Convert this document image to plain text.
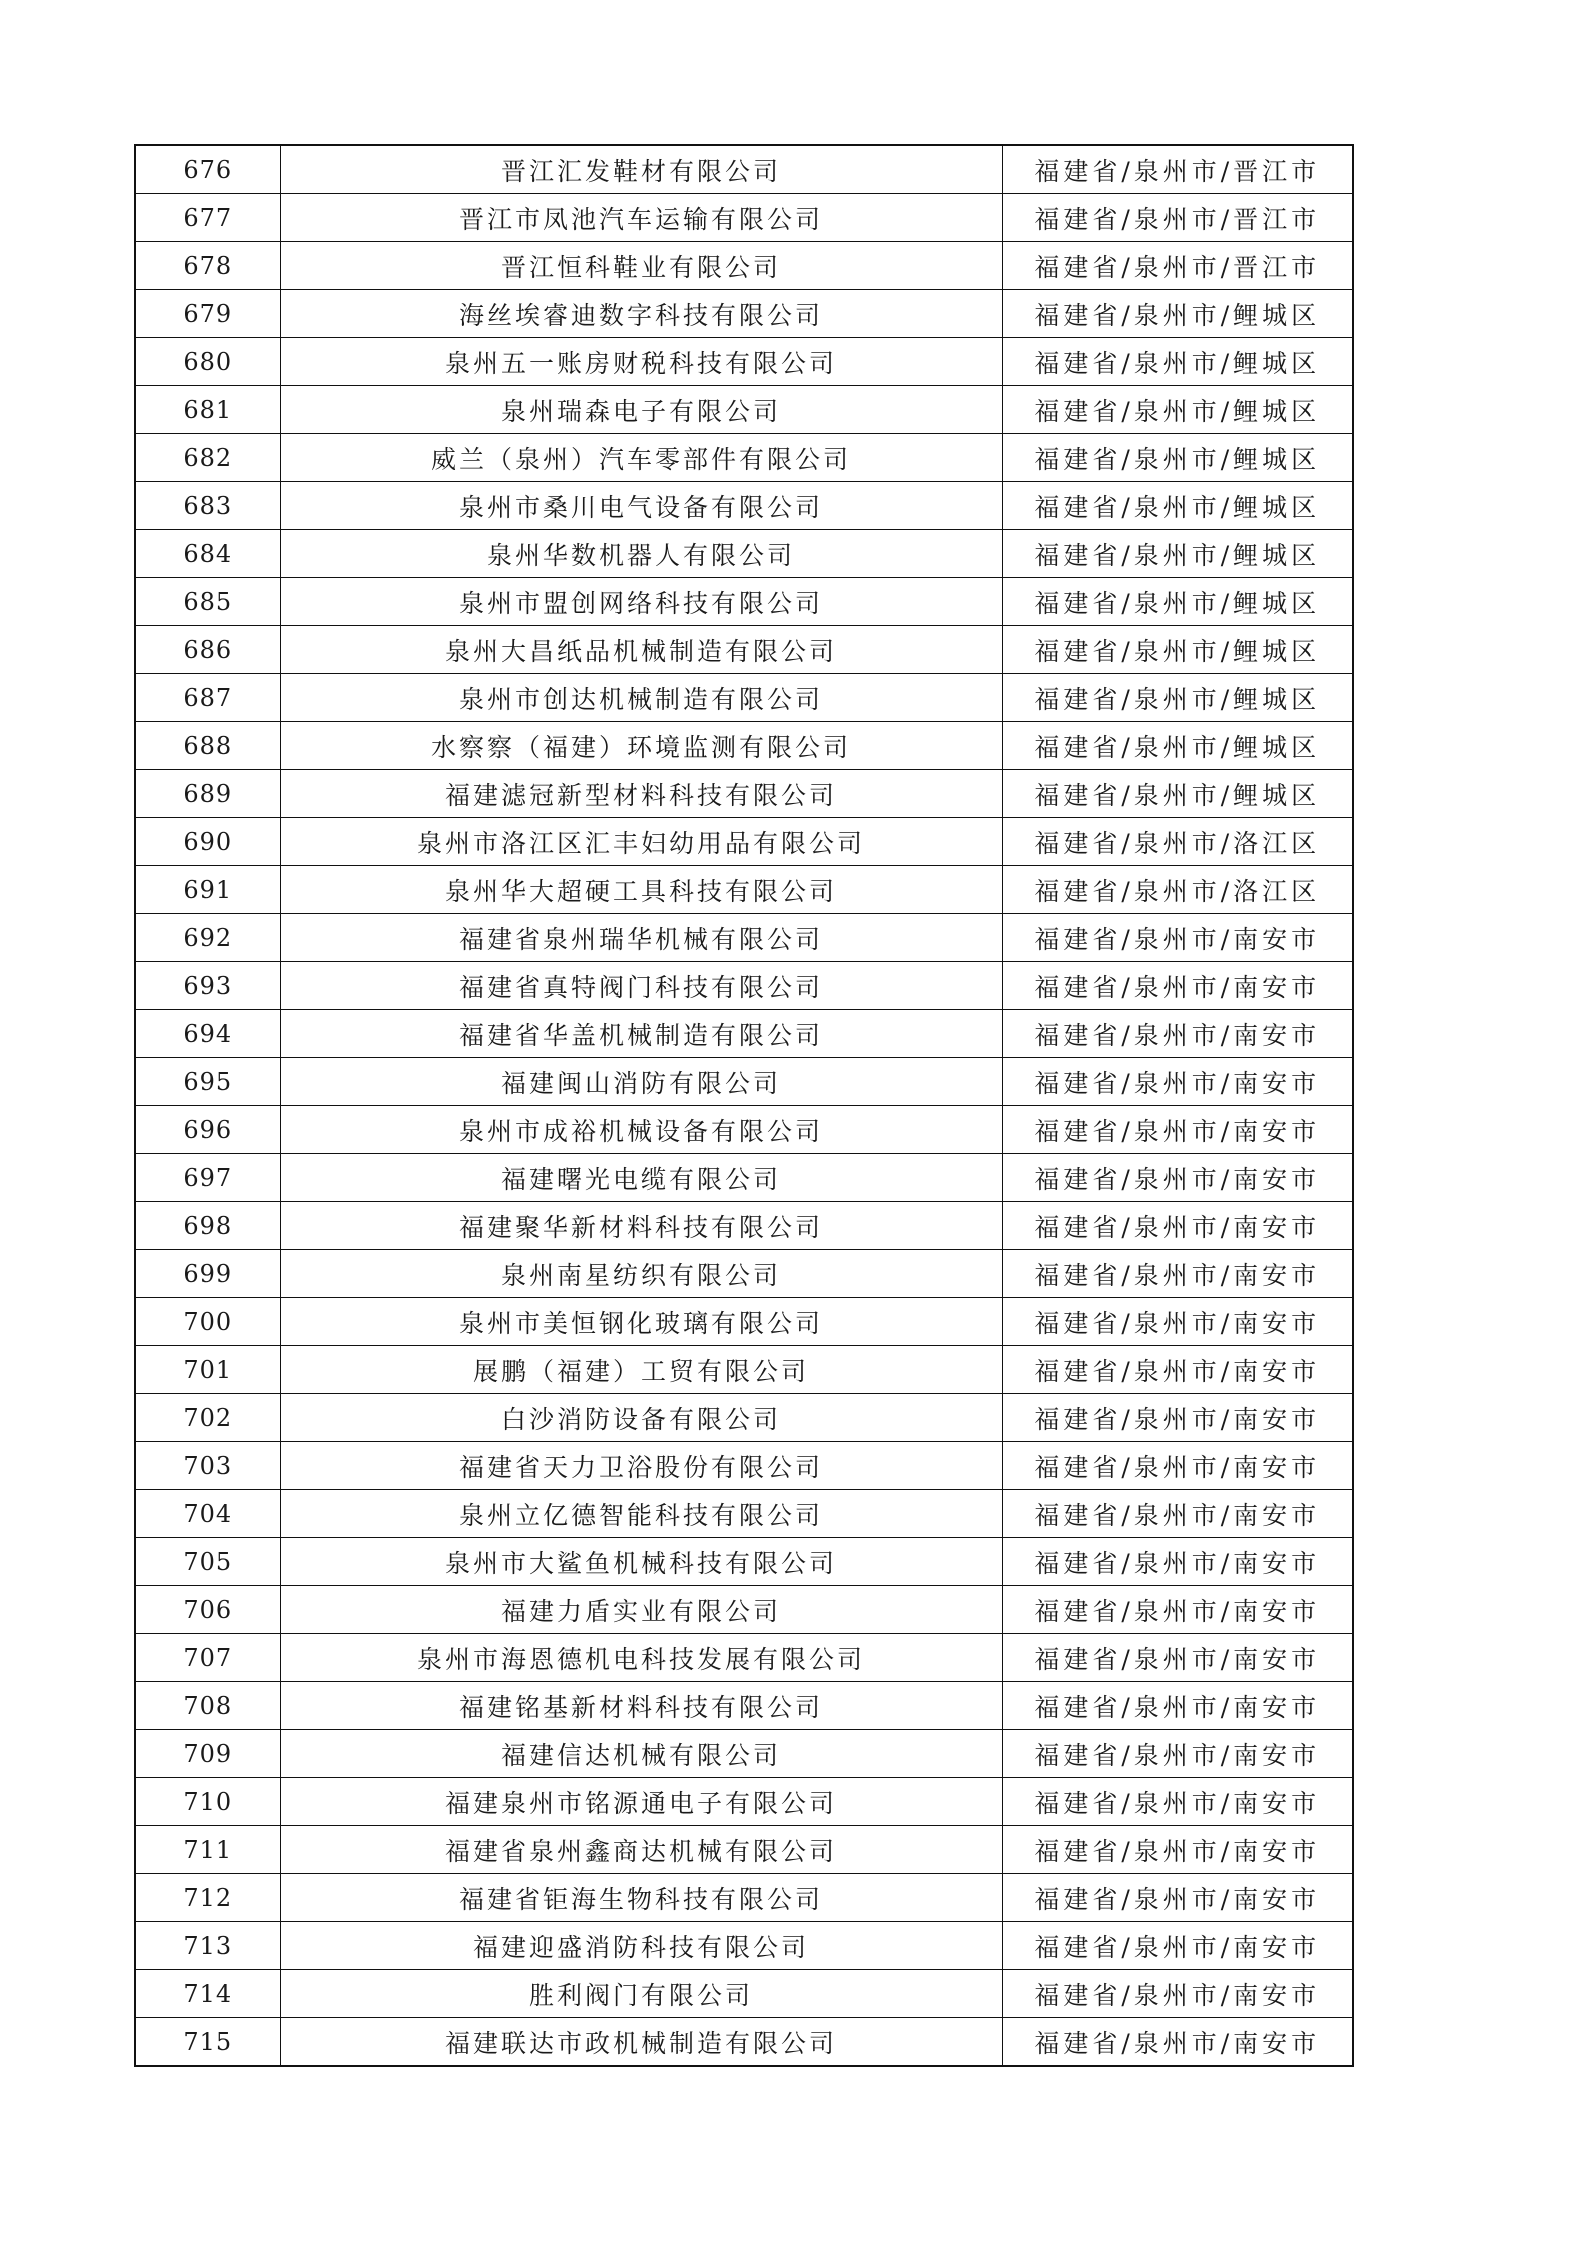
676	晋江汇发鞋材有限公司	福建省/泉州市/晋江市
677	晋江市凤池汽车运输有限公司	福建省/泉州市/晋江市
678	晋江恒科鞋业有限公司	福建省/泉州市/晋江市
679	海丝埃睿迪数字科技有限公司	福建省/泉州市/鲤城区
680	泉州五一账房财税科技有限公司	福建省/泉州市/鲤城区
681	泉州瑞森电子有限公司	福建省/泉州市/鲤城区
682	威兰（泉州）汽车零部件有限公司	福建省/泉州市/鲤城区
683	泉州市桑川电气设备有限公司	福建省/泉州市/鲤城区
684	泉州华数机器人有限公司	福建省/泉州市/鲤城区
685	泉州市盟创网络科技有限公司	福建省/泉州市/鲤城区
686	泉州大昌纸品机械制造有限公司	福建省/泉州市/鲤城区
687	泉州市创达机械制造有限公司	福建省/泉州市/鲤城区
688	水察察（福建）环境监测有限公司	福建省/泉州市/鲤城区
689	福建滤冠新型材料科技有限公司	福建省/泉州市/鲤城区
690	泉州市洛江区汇丰妇幼用品有限公司	福建省/泉州市/洛江区
691	泉州华大超硬工具科技有限公司	福建省/泉州市/洛江区
692	福建省泉州瑞华机械有限公司	福建省/泉州市/南安市
693	福建省真特阀门科技有限公司	福建省/泉州市/南安市
694	福建省华盖机械制造有限公司	福建省/泉州市/南安市
695	福建闽山消防有限公司	福建省/泉州市/南安市
696	泉州市成裕机械设备有限公司	福建省/泉州市/南安市
697	福建曙光电缆有限公司	福建省/泉州市/南安市
698	福建聚华新材料科技有限公司	福建省/泉州市/南安市
699	泉州南星纺织有限公司	福建省/泉州市/南安市
700	泉州市美恒钢化玻璃有限公司	福建省/泉州市/南安市
701	展鹏（福建）工贸有限公司	福建省/泉州市/南安市
702	白沙消防设备有限公司	福建省/泉州市/南安市
703	福建省天力卫浴股份有限公司	福建省/泉州市/南安市
704	泉州立亿德智能科技有限公司	福建省/泉州市/南安市
705	泉州市大鲨鱼机械科技有限公司	福建省/泉州市/南安市
706	福建力盾实业有限公司	福建省/泉州市/南安市
707	泉州市海恩德机电科技发展有限公司	福建省/泉州市/南安市
708	福建铭基新材料科技有限公司	福建省/泉州市/南安市
709	福建信达机械有限公司	福建省/泉州市/南安市
710	福建泉州市铭源通电子有限公司	福建省/泉州市/南安市
711	福建省泉州鑫商达机械有限公司	福建省/泉州市/南安市
712	福建省钜海生物科技有限公司	福建省/泉州市/南安市
713	福建迎盛消防科技有限公司	福建省/泉州市/南安市
714	胜利阀门有限公司	福建省/泉州市/南安市
715	福建联达市政机械制造有限公司	福建省/泉州市/南安市
